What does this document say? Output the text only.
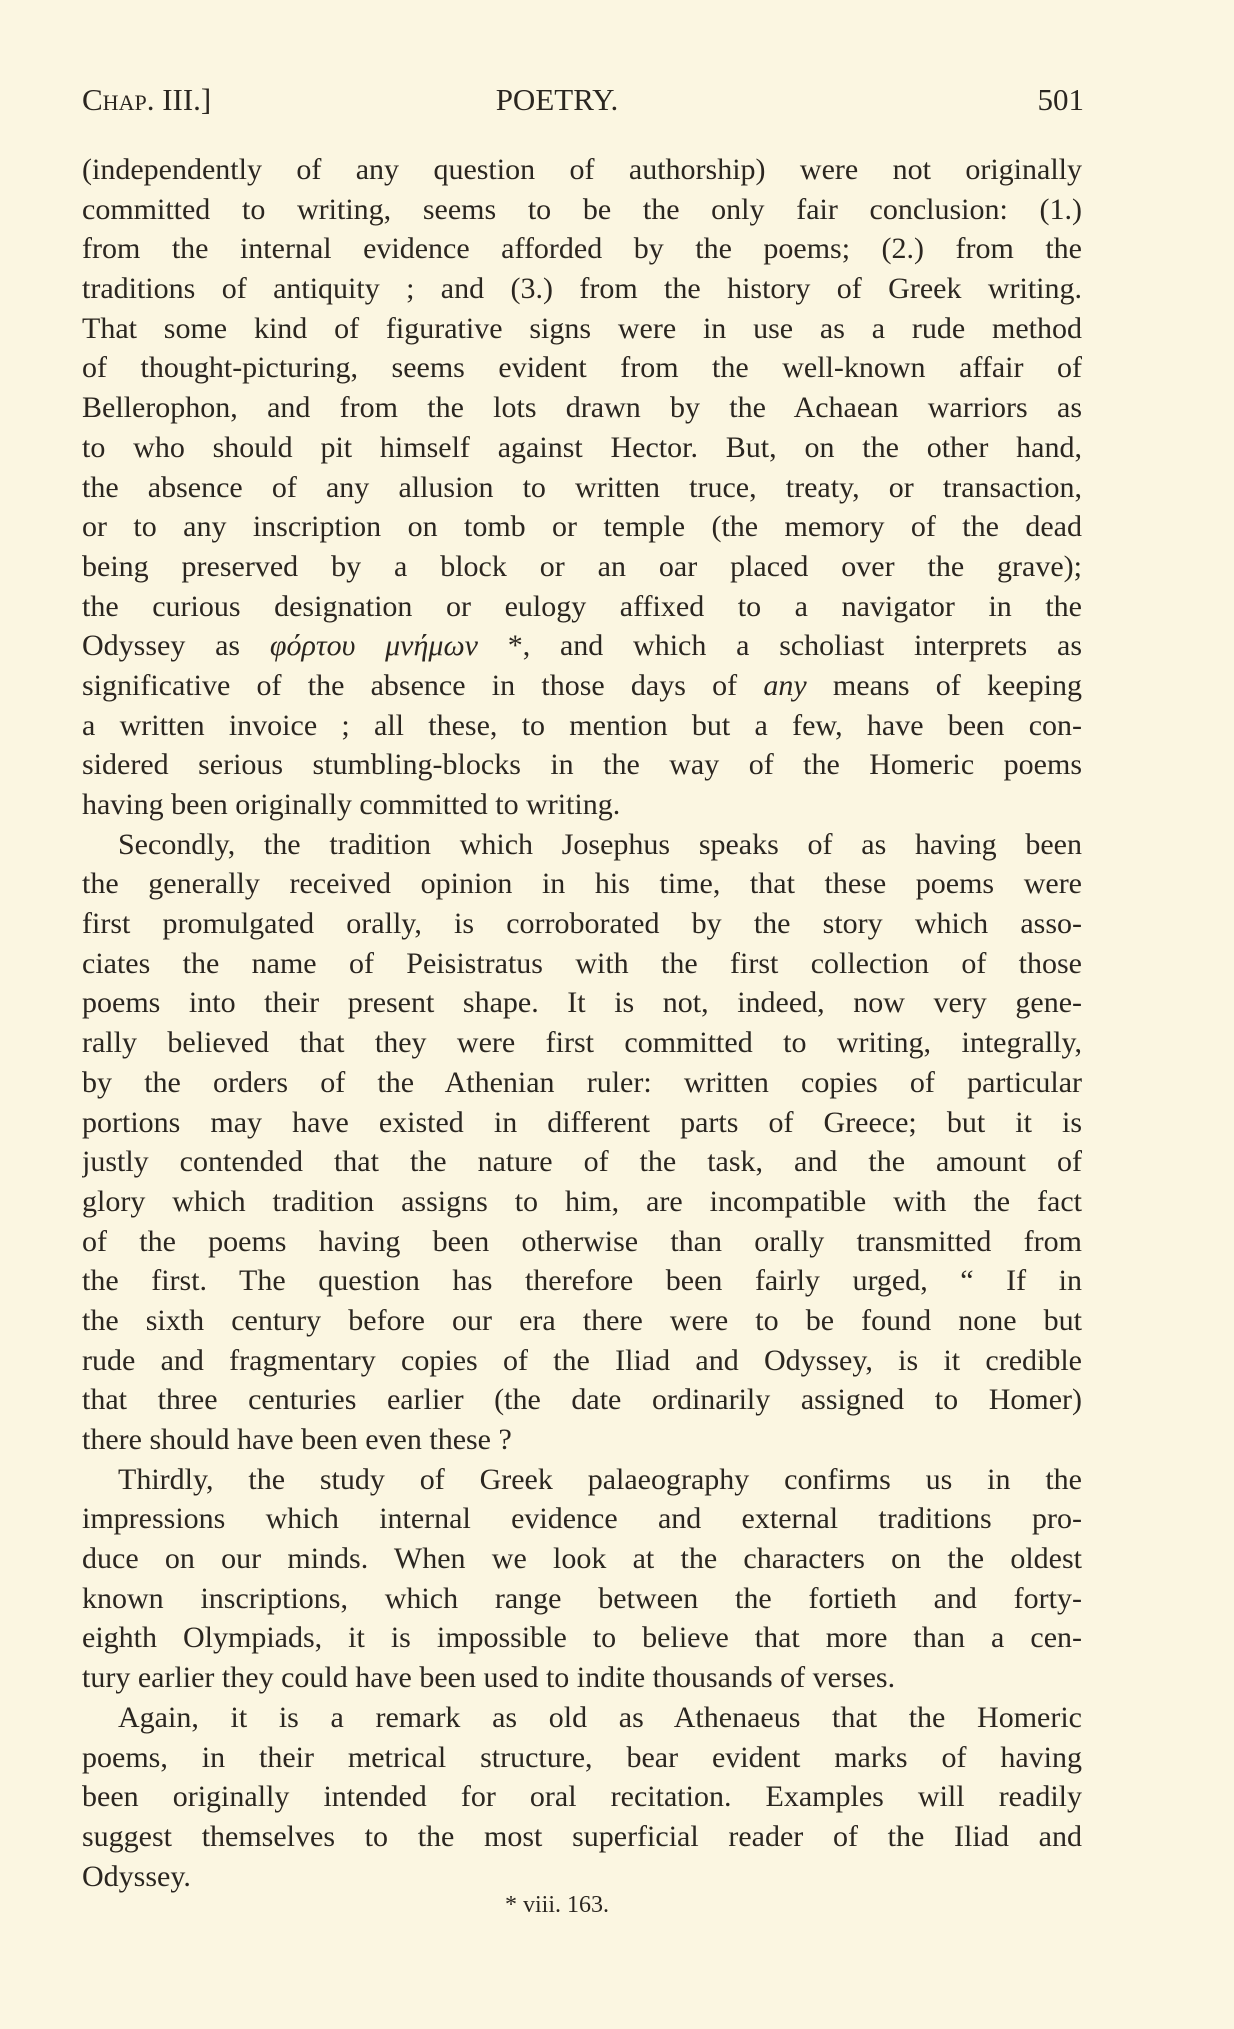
Chap. III.]	POETRY.	501
(independently of any question of authorship) were not originally
committed to writing, seems to be the only fair conclusion: (1.)
from the internal evidence afforded by the poems; (2.) from the
traditions of antiquity ; and (3.) from the history of Greek writing.
That some kind of figurative signs were in use as a rude method
of thought-picturing, seems evident from the well-known affair of
Bellerophon, and from the lots drawn by the Achaean warriors as
to who should pit himself against Hector. But, on the other hand,
the absence of any allusion to written truce, treaty, or transaction,
or to any inscription on tomb or temple (the memory of the dead
being preserved by a block or an oar placed over the grave);
the curious designation or eulogy affixed to a navigator in the
Odyssey as φόρτου μνήμων *, and which a scholiast interprets as
significative of the absence in those days of any means of keeping
a written invoice ; all these, to mention but a few, have been con-
sidered serious stumbling-blocks in the way of the Homeric poems
having been originally committed to writing.
Secondly, the tradition which Josephus speaks of as having been
the generally received opinion in his time, that these poems were
first promulgated orally, is corroborated by the story which asso-
ciates the name of Peisistratus with the first collection of those
poems into their present shape. It is not, indeed, now very gene-
rally believed that they were first committed to writing, integrally,
by the orders of the Athenian ruler: written copies of particular
portions may have existed in different parts of Greece; but it is
justly contended that the nature of the task, and the amount of
glory which tradition assigns to him, are incompatible with the fact
of the poems having been otherwise than orally transmitted from
the first. The question has therefore been fairly urged, “ If in
the sixth century before our era there were to be found none but
rude and fragmentary copies of the Iliad and Odyssey, is it credible
that three centuries earlier (the date ordinarily assigned to Homer)
there should have been even these ?
Thirdly, the study of Greek palaeography confirms us in the
impressions which internal evidence and external traditions pro-
duce on our minds. When we look at the characters on the oldest
known inscriptions, which range between the fortieth and forty-
eighth Olympiads, it is impossible to believe that more than a cen-
tury earlier they could have been used to indite thousands of verses.
Again, it is a remark as old as Athenaeus that the Homeric
poems, in their metrical structure, bear evident marks of having
been originally intended for oral recitation. Examples will readily
suggest themselves to the most superficial reader of the Iliad and
Odyssey.
* viii. 163.
